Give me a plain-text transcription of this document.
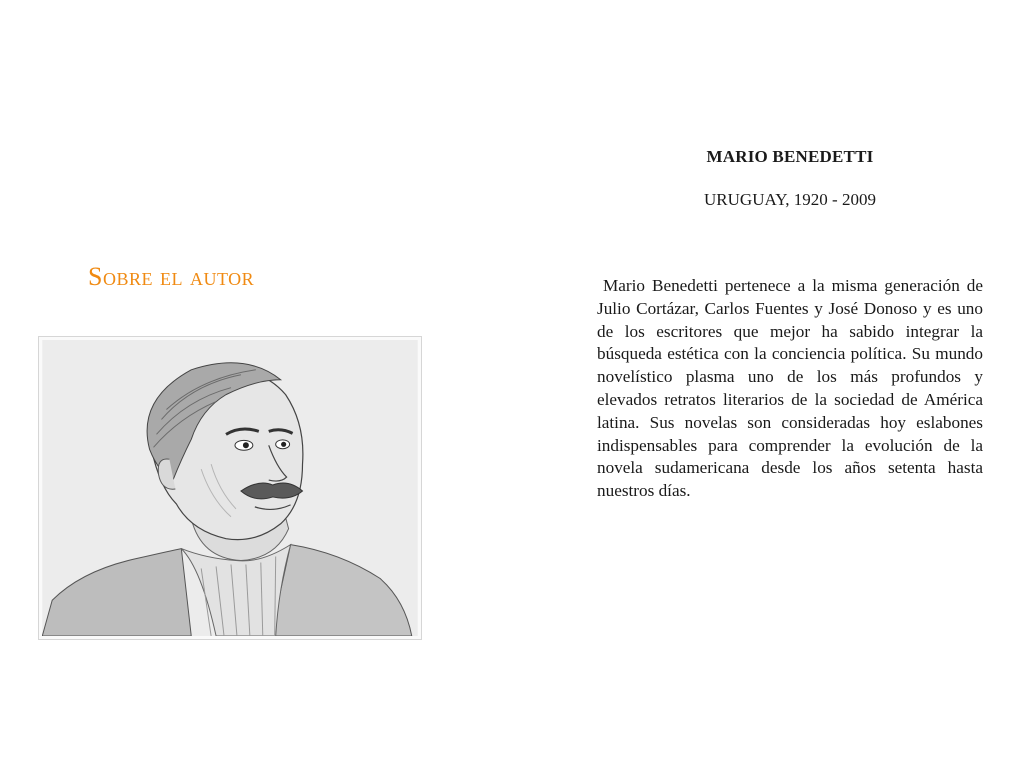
Sobre el autor
MARIO BENEDETTI

URUGUAY, 1920 - 2009

Mario Benedetti pertenece a la misma generación de Julio Cortázar, Carlos Fuentes y José Donoso y es uno de los escritores que mejor ha sabido integrar la búsqueda estética con la conciencia política. Su mundo novelístico plasma uno de los más profundos y elevados retratos literarios de la sociedad de América latina. Sus novelas son consideradas hoy eslabones indispensables para comprender la evolución de la novela sudamericana desde los años setenta hasta nuestros días.
